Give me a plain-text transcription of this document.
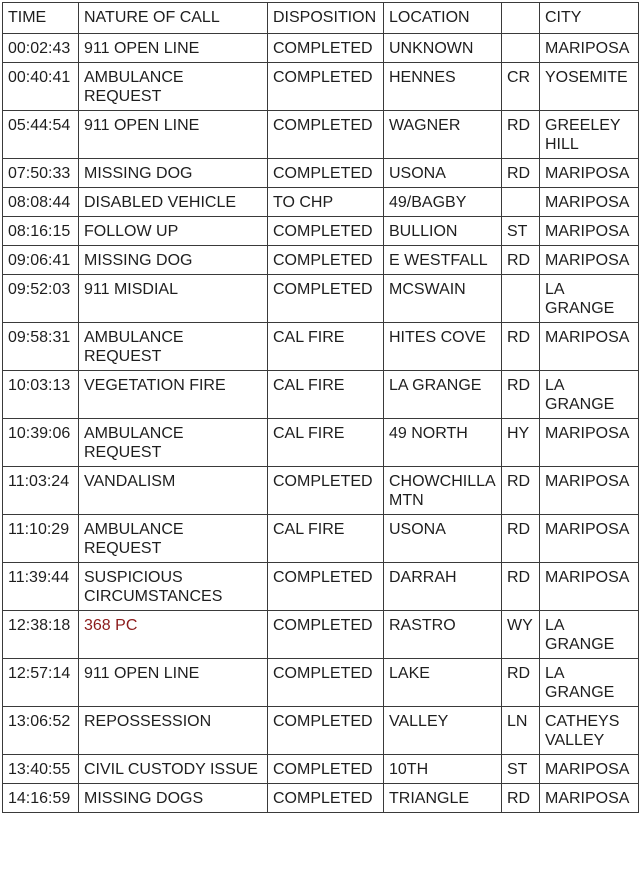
TIME	NATURE OF CALL	DISPOSITION	LOCATION		CITY
00:02:43	911 OPEN LINE	COMPLETED	UNKNOWN		MARIPOSA
00:40:41	AMBULANCE REQUEST	COMPLETED	HENNES	CR	YOSEMITE
05:44:54	911 OPEN LINE	COMPLETED	WAGNER	RD	GREELEY HILL
07:50:33	MISSING DOG	COMPLETED	USONA	RD	MARIPOSA
08:08:44	DISABLED VEHICLE	TO CHP	49/BAGBY		MARIPOSA
08:16:15	FOLLOW UP	COMPLETED	BULLION	ST	MARIPOSA
09:06:41	MISSING DOG	COMPLETED	E WESTFALL	RD	MARIPOSA
09:52:03	911 MISDIAL	COMPLETED	MCSWAIN		LA GRANGE
09:58:31	AMBULANCE REQUEST	CAL FIRE	HITES COVE	RD	MARIPOSA
10:03:13	VEGETATION FIRE	CAL FIRE	LA GRANGE	RD	LA GRANGE
10:39:06	AMBULANCE REQUEST	CAL FIRE	49 NORTH	HY	MARIPOSA
11:03:24	VANDALISM	COMPLETED	CHOWCHILLA MTN	RD	MARIPOSA
11:10:29	AMBULANCE REQUEST	CAL FIRE	USONA	RD	MARIPOSA
11:39:44	SUSPICIOUS CIRCUMSTANCES	COMPLETED	DARRAH	RD	MARIPOSA
12:38:18	368 PC	COMPLETED	RASTRO	WY	LA GRANGE
12:57:14	911 OPEN LINE	COMPLETED	LAKE	RD	LA GRANGE
13:06:52	REPOSSESSION	COMPLETED	VALLEY	LN	CATHEYS VALLEY
13:40:55	CIVIL CUSTODY ISSUE	COMPLETED	10TH	ST	MARIPOSA
14:16:59	MISSING DOGS	COMPLETED	TRIANGLE	RD	MARIPOSA
